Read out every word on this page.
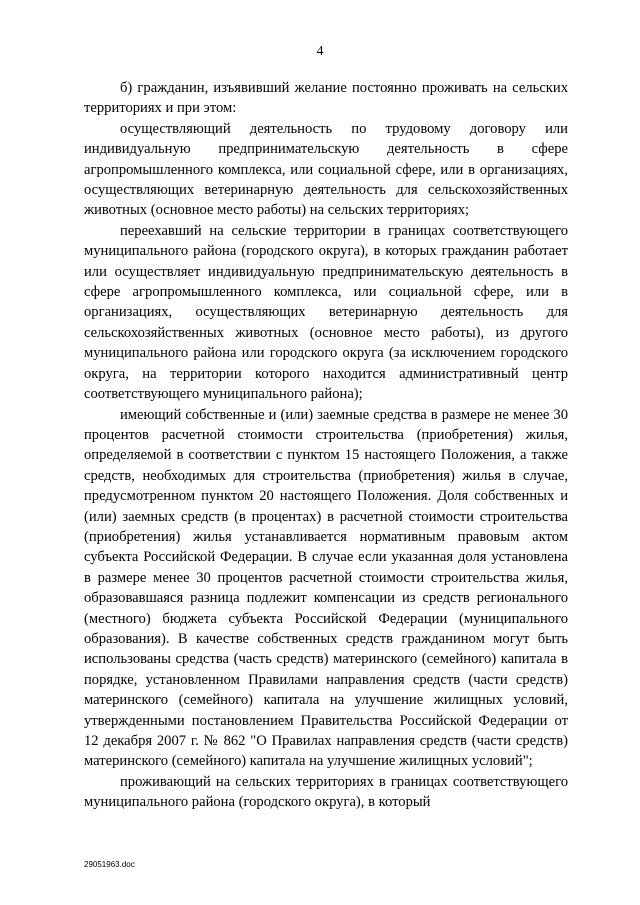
4

б) гражданин, изъявивший желание постоянно проживать на сельских территориях и при этом:

осуществляющий деятельность по трудовому договору или индивидуальную предпринимательскую деятельность в сфере агропромышленного комплекса, или социальной сфере, или в организациях, осуществляющих ветеринарную деятельность для сельскохозяйственных животных (основное место работы) на сельских территориях;

переехавший на сельские территории в границах соответствующего муниципального района (городского округа), в которых гражданин работает или осуществляет индивидуальную предпринимательскую деятельность в сфере агропромышленного комплекса, или социальной сфере, или в организациях, осуществляющих ветеринарную деятельность для сельскохозяйственных животных (основное место работы), из другого муниципального района или городского округа (за исключением городского округа, на территории которого находится административный центр соответствующего муниципального района);

имеющий собственные и (или) заемные средства в размере не менее 30 процентов расчетной стоимости строительства (приобретения) жилья, определяемой в соответствии с пунктом 15 настоящего Положения, а также средств, необходимых для строительства (приобретения) жилья в случае, предусмотренном пунктом 20 настоящего Положения. Доля собственных и (или) заемных средств (в процентах) в расчетной стоимости строительства (приобретения) жилья устанавливается нормативным правовым актом субъекта Российской Федерации. В случае если указанная доля установлена в размере менее 30 процентов расчетной стоимости строительства жилья, образовавшаяся разница подлежит компенсации из средств регионального (местного) бюджета субъекта Российской Федерации (муниципального образования). В качестве собственных средств гражданином могут быть использованы средства (часть средств) материнского (семейного) капитала в порядке, установленном Правилами направления средств (части средств) материнского (семейного) капитала на улучшение жилищных условий, утвержденными постановлением Правительства Российской Федерации от 12 декабря 2007 г. № 862 "О Правилах направления средств (части средств) материнского (семейного) капитала на улучшение жилищных условий";

проживающий на сельских территориях в границах соответствующего муниципального района (городского округа), в который

29051963.doc
